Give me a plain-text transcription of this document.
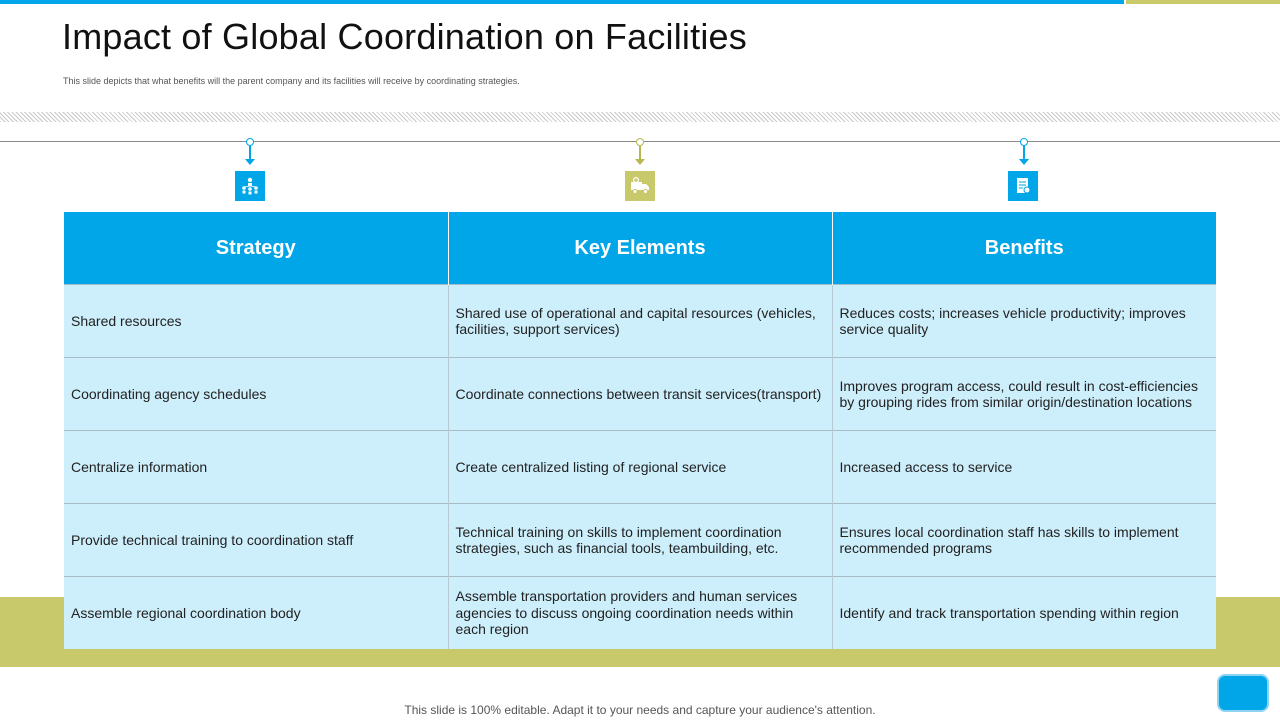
Impact of Global Coordination on Facilities
This slide depicts that what benefits will the parent company and its facilities will receive by coordinating strategies.
Strategy	Key Elements	Benefits
Shared resources	Shared use of operational and capital resources (vehicles, facilities, support services)	Reduces costs; increases vehicle productivity; improves service quality
Coordinating agency schedules	Coordinate connections between transit services(transport)	Improves program access, could result in cost-efficiencies by grouping rides from similar origin/destination locations
Centralize information	Create centralized listing of regional service	Increased access to service
Provide technical training to coordination staff	Technical training on skills to implement coordination strategies, such as financial tools, teambuilding, etc.	Ensures local coordination staff has skills to implement recommended programs
Assemble regional coordination body	Assemble transportation providers and human services agencies to discuss ongoing coordination needs within each region	Identify and track transportation spending within region
This slide is 100% editable. Adapt it to your needs and capture your audience's attention.
